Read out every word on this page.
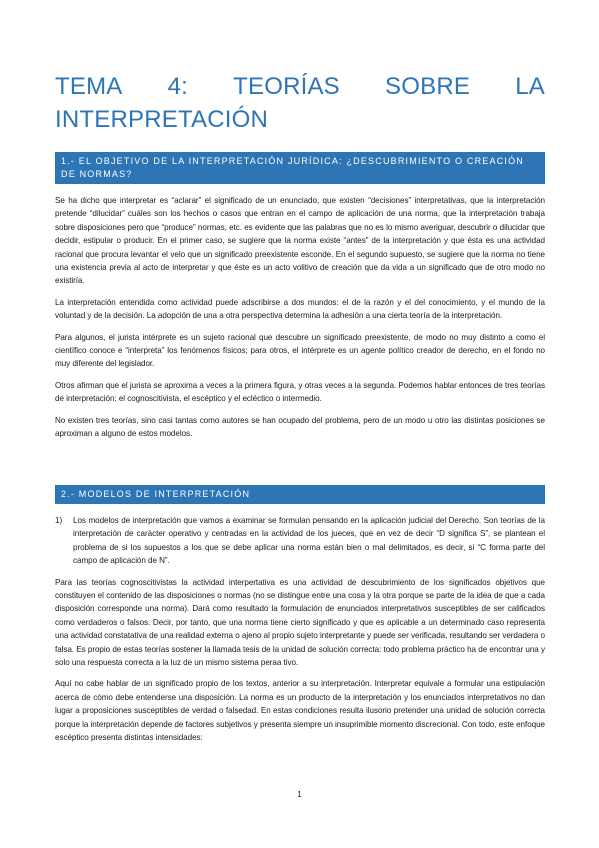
TEMA 4: TEORÍAS SOBRE LA
INTERPRETACIÓN
1.- EL OBJETIVO DE LA INTERPRETACIÓN JURÍDICA: ¿DESCUBRIMIENTO O CREACIÓN DE NORMAS?

Se ha dicho que interpretar es “aclarar” el significado de un enunciado, que existen “decisiones” interpretativas, que la interpretación pretende “dilucidar” cuáles son los hechos o casos que entran en el campo de aplicación de una norma, que la interpretación trabaja sobre disposiciones pero que “produce” normas, etc. es evidente que las palabras que no es lo mismo averiguar, descubrir o dilucidar que decidir, estipular o producir. En el primer caso, se sugiere que la norma existe “antes” de la interpretación y que ésta es una actividad racional que procura levantar el velo que un significado preexistente esconde. En el segundo supuesto, se sugiere que la norma no tiene una existencia previa al acto de interpretar y que éste es un acto volitivo de creación que da vida a un significado que de otro modo no existiría.

La interpretación entendida como actividad puede adscribirse a dos mundos: el de la razón y el del conocimiento, y el mundo de la voluntad y de la decisión. La adopción de una a otra perspectiva determina la adhesión a una cierta teoría de la interpretación.

Para algunos, el jurista intérprete es un sujeto racional que descubre un significado preexistente, de modo no muy distinto a como el científico conoce e “interpreta” los fenómenos físicos; para otros, el intérprete es un agente político creador de derecho, en el fondo no muy diferente del legislador.

Otros afirman que el jurista se aproxima a veces a la primera figura, y otras veces a la segunda. Podemos hablar entonces de tres teorías de interpretación: el cognoscitivista, el escéptico y el ecléctico o intermedio.

No existen tres teorías, sino casi tantas como autores se han ocupado del problema, pero de un modo u otro las distintas posiciones se aproximan a alguno de estos modelos.

2.- MODELOS DE INTERPRETACIÓN
1)	Los modelos de interpretación que vamos a examinar se formulan pensando en la aplicación judicial del Derecho. Son teorías de la interpretación de carácter operativo y centradas en la actividad de los jueces, que en vez de decir “D significa S”, se plantean el problema de si los supuestos a los que se debe aplicar una norma están bien o mal delimitados, es decir, si “C forma parte del campo de aplicación de N”.

Para las teorías cognoscitivistas la actividad interpertativa es una actividad de descubrimiento de los significados objetivos que constituyen el contenido de las disposiciones o normas (no se distingue entre una cosa y la otra porque se parte de la idea de que a cada disposición corresponde una norma). Dará como resultado la formulación de enunciados interpretativos susceptibles de ser calificados como verdaderos o falsos. Decir, por tanto, que una norma tiene cierto significado y que es aplicable a un determinado caso representa una actividad constatativa de una realidad externa o ajeno al propio sujeto interpretante y puede ser verificada, resultando ser verdadera o falsa. Es propio de estas teorías sostener la llamada tesis de la unidad de solución correcta: todo problema práctico ha de encontrar una y solo una respuesta correcta a la luz de un mismo sistema peraa tivo.

Aquí no cabe hablar de un significado propio de los textos, anterior a su interpretación. Interpretar equivale a formular una estipulación acerca de cómo debe entenderse una disposición. La norma es un producto de la interpretación y los enunciados interpretativos no dan lugar a proposiciones susceptibles de verdad o falsedad. En estas condiciones resulta ilusorio pretender una unidad de solución correcta porque la interpretación depende de factores subjetivos y presenta siempre un insuprimible momento discrecional. Con todo, este enfoque escéptico presenta distintas intensidades:

1
